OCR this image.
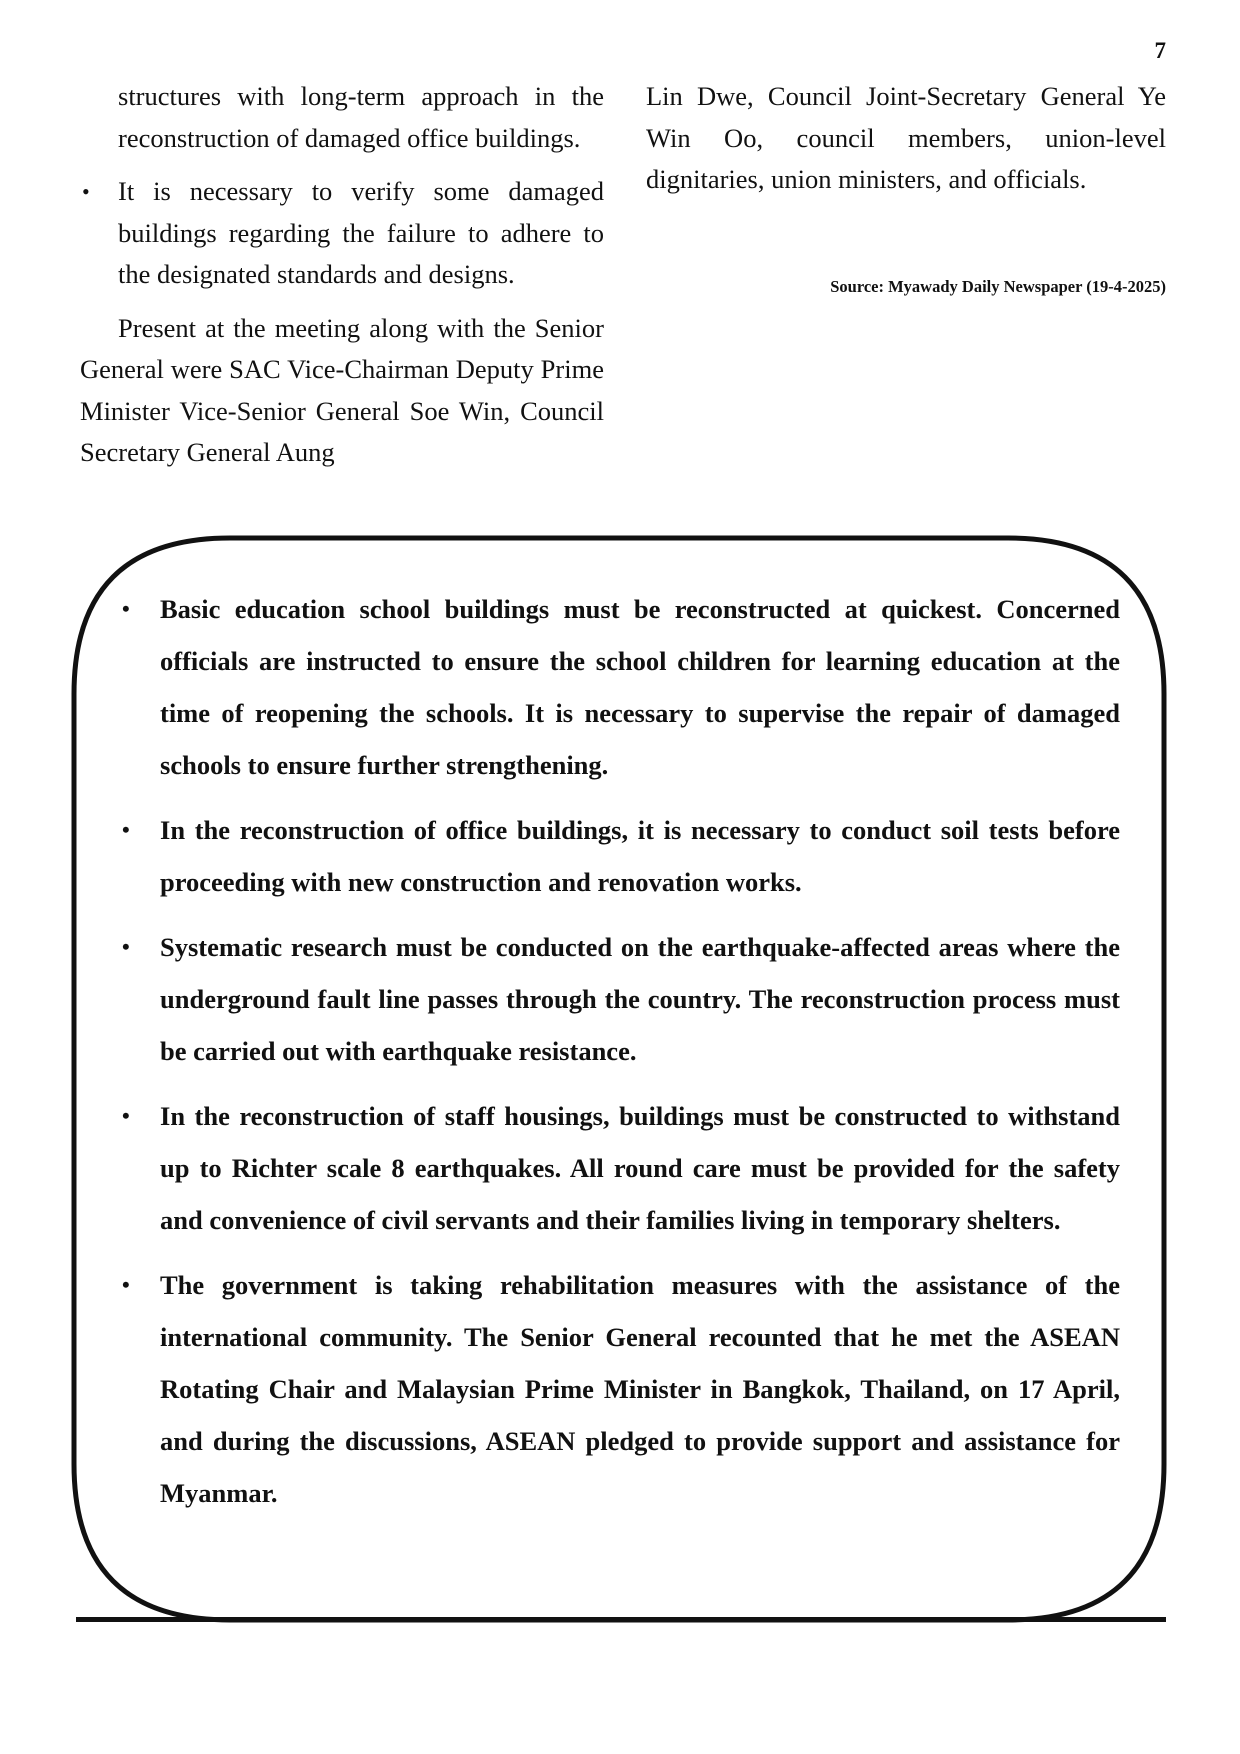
7

structures with long-term approach in the reconstruction of damaged office buildings.

• It is necessary to verify some damaged buildings regarding the failure to adhere to the designated standards and designs.

Present at the meeting along with the Senior General were SAC Vice-Chairman Deputy Prime Minister Vice-Senior General Soe Win, Council Secretary General Aung

Lin Dwe, Council Joint-Secretary General Ye Win Oo, council members, union-level dignitaries, union ministers, and officials.

Source: Myawady Daily Newspaper (19-4-2025)
• Basic education school buildings must be reconstructed at quickest. Concerned officials are instructed to ensure the school children for learning education at the time of reopening the schools. It is necessary to supervise the repair of damaged schools to ensure further strengthening.
• In the reconstruction of office buildings, it is necessary to conduct soil tests before proceeding with new construction and renovation works.
• Systematic research must be conducted on the earthquake-affected areas where the underground fault line passes through the country. The reconstruction process must be carried out with earthquake resistance.
• In the reconstruction of staff housings, buildings must be constructed to withstand up to Richter scale 8 earthquakes. All round care must be provided for the safety and convenience of civil servants and their families living in temporary shelters.
• The government is taking rehabilitation measures with the assistance of the international community. The Senior General recounted that he met the ASEAN Rotating Chair and Malaysian Prime Minister in Bangkok, Thailand, on 17 April, and during the discussions, ASEAN pledged to provide support and assistance for Myanmar.
